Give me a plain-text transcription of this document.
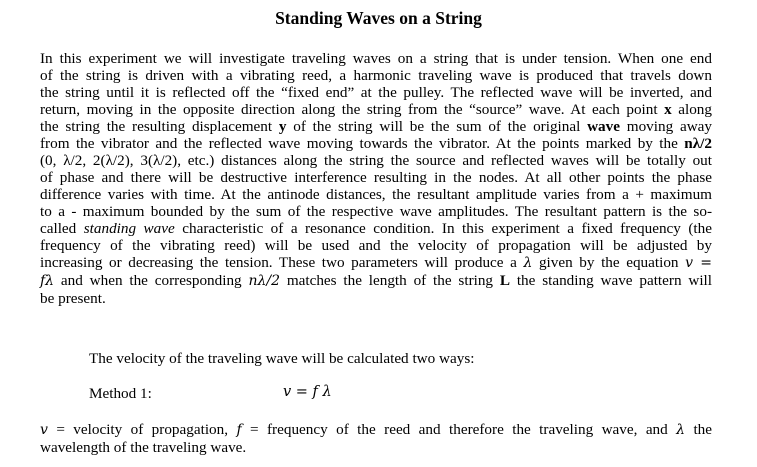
Standing Waves on a String
In this experiment we will investigate traveling waves on a string that is under tension. When one end
of the string is driven with a vibrating reed, a harmonic traveling wave is produced that travels down
the string until it is reflected off the “fixed end” at the pulley. The reflected wave will be inverted, and
return, moving in the opposite direction along the string from the “source” wave. At each point x along
the string the resulting displacement y of the string will be the sum of the original wave moving away
from the vibrator and the reflected wave moving towards the vibrator. At the points marked by the nλ/2
(0, λ/2, 2(λ/2), 3(λ/2), etc.) distances along the string the source and reflected waves will be totally out
of phase and there will be destructive interference resulting in the nodes. At all other points the phase
difference varies with time. At the antinode distances, the resultant amplitude varies from a + maximum
to a - maximum bounded by the sum of the respective wave amplitudes. The resultant pattern is the so-
called standing wave characteristic of a resonance condition. In this experiment a fixed frequency (the
frequency of the vibrating reed) will be used and the velocity of propagation will be adjusted by
increasing or decreasing the tension. These two parameters will produce a λ given by the equation v =
fλ and when the corresponding nλ/2 matches the length of the string L the standing wave pattern will
be present.
The velocity of the traveling wave will be calculated two ways:
Method 1:	v = f λ
v = velocity of propagation, f = frequency of the reed and therefore the traveling wave, and λ the
wavelength of the traveling wave.
